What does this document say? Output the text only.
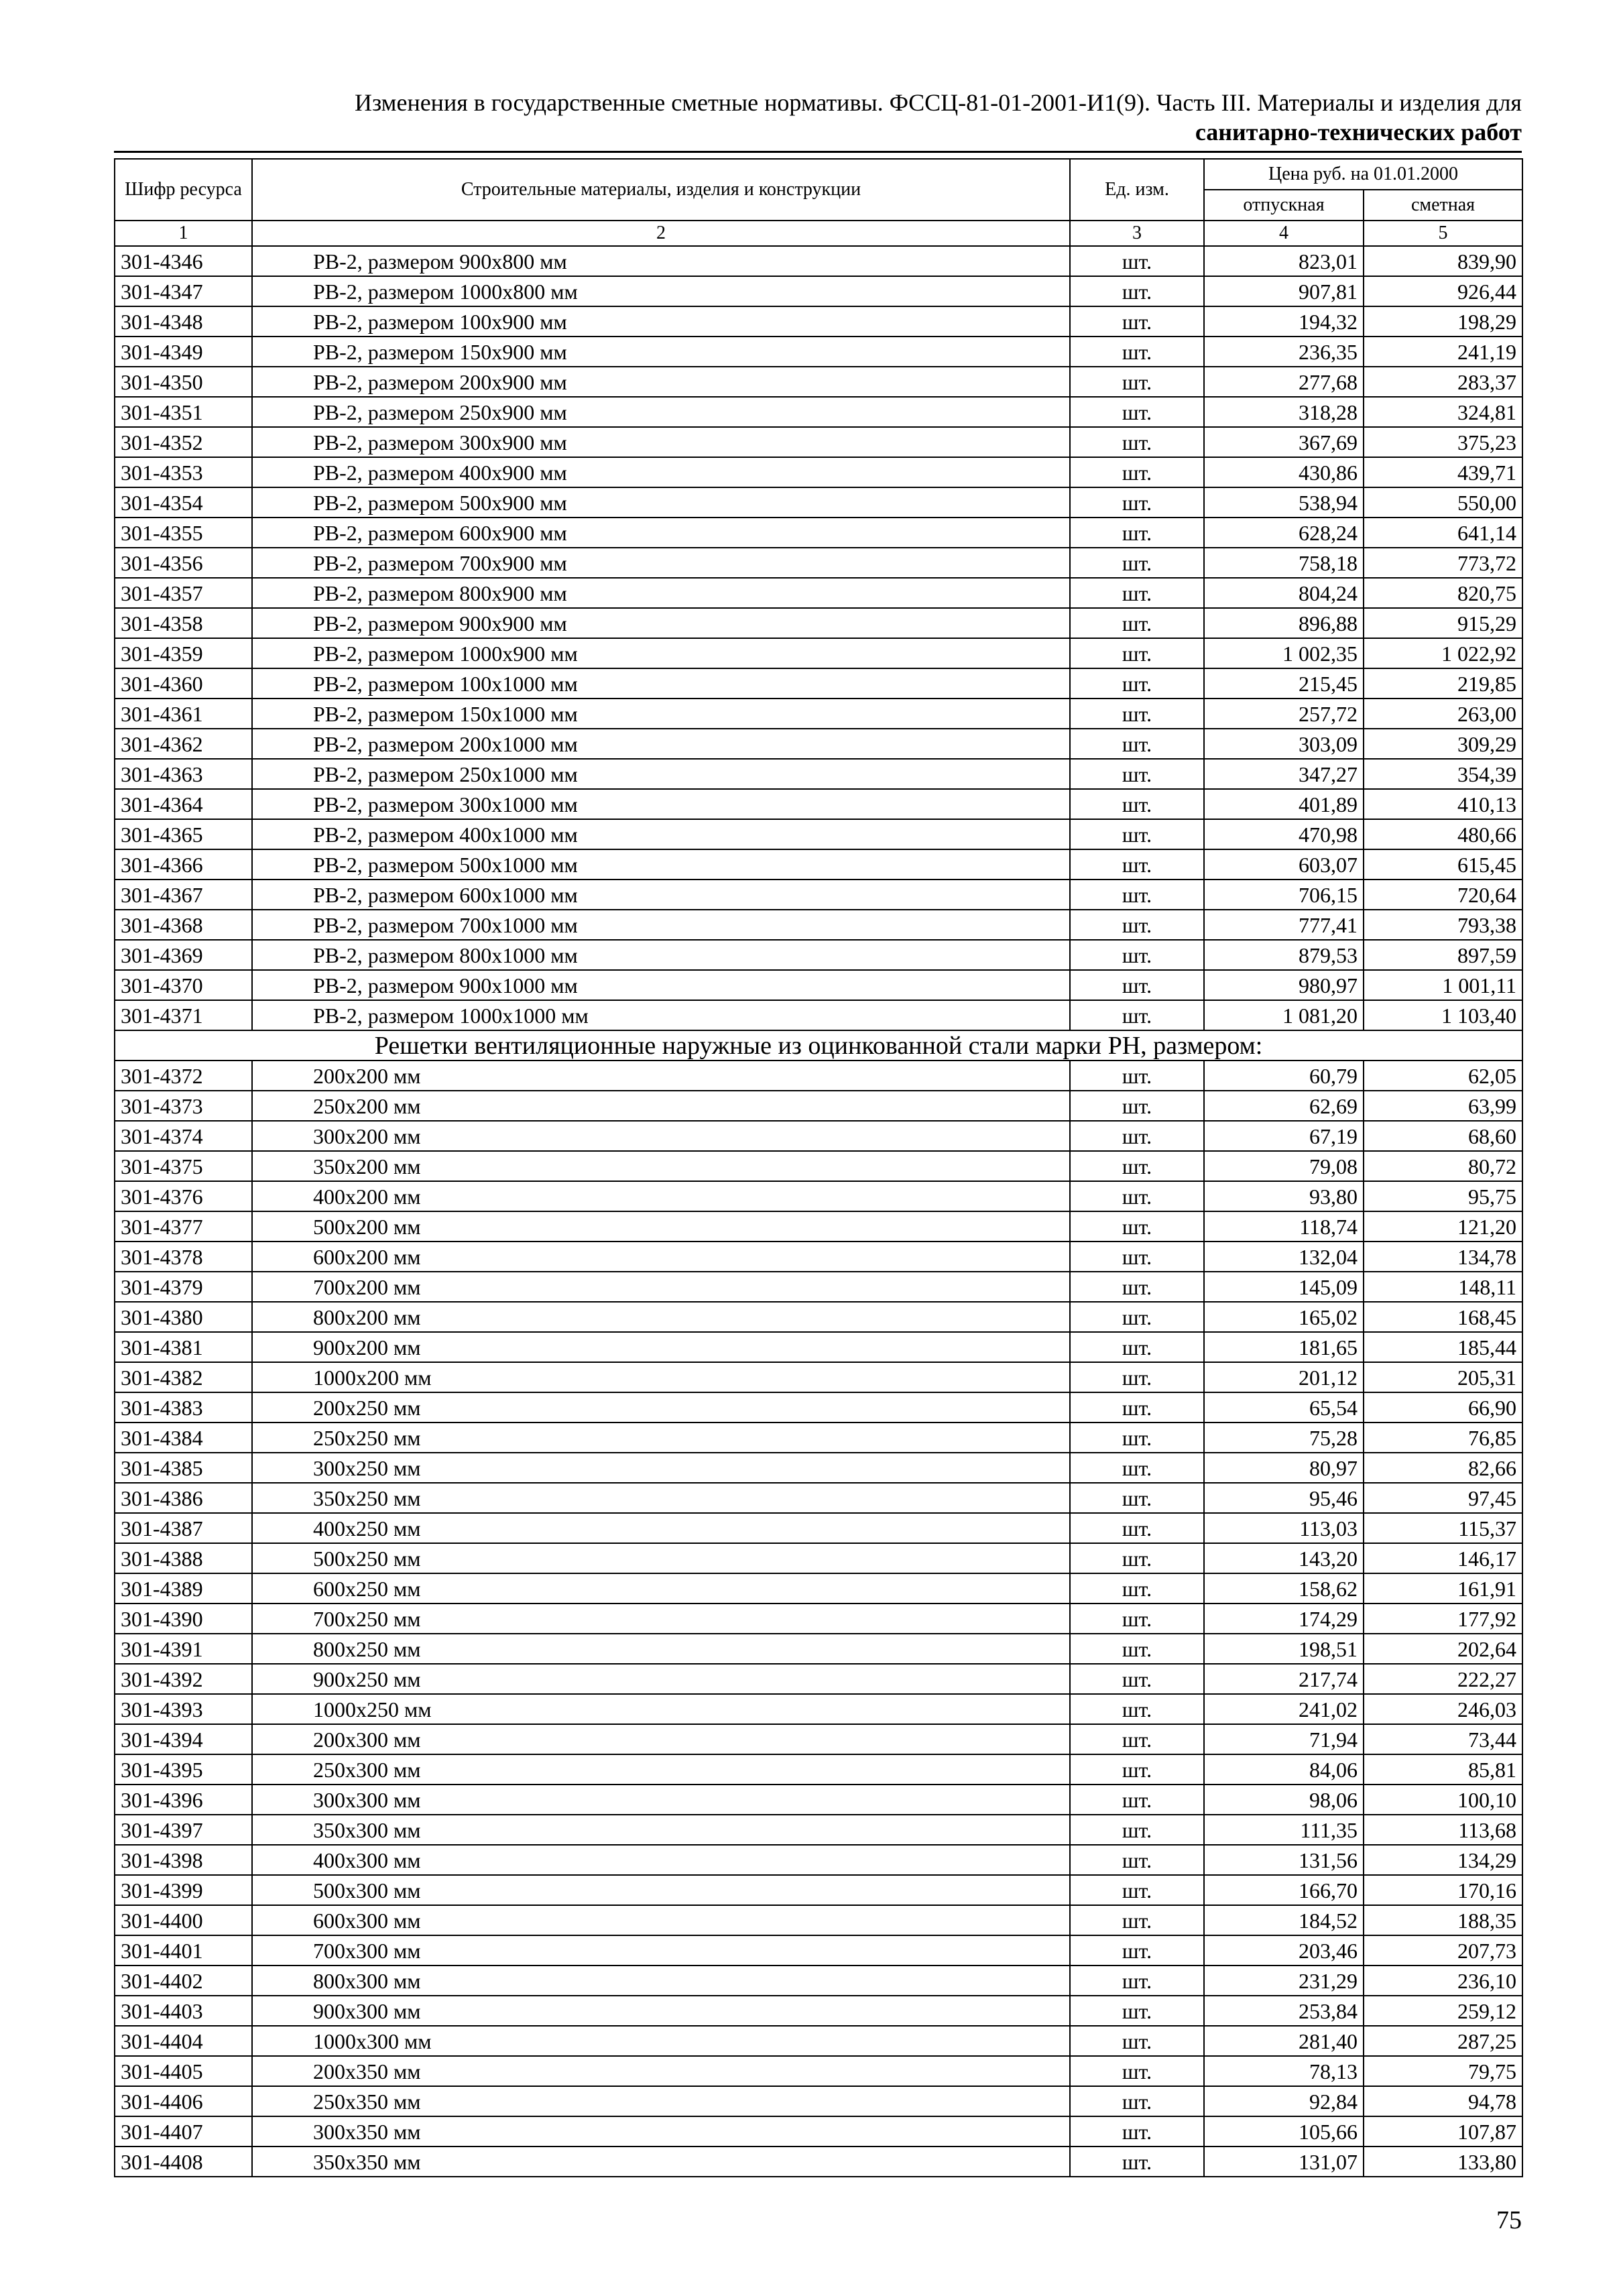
Изменения в государственные сметные нормативы. ФССЦ-81-01-2001-И1(9). Часть III. Материалы и изделия для
санитарно-технических работ
Шифр ресурса	Строительные материалы, изделия и конструкции	Ед. изм.	Цена руб. на 01.01.2000	
			отпускная	сметная
1	2	3	4	5
301-4346	РВ-2, размером 900х800 мм	шт.	823,01	839,90
301-4347	РВ-2, размером 1000х800 мм	шт.	907,81	926,44
301-4348	РВ-2, размером 100х900 мм	шт.	194,32	198,29
301-4349	РВ-2, размером 150х900 мм	шт.	236,35	241,19
301-4350	РВ-2, размером 200х900 мм	шт.	277,68	283,37
301-4351	РВ-2, размером 250х900 мм	шт.	318,28	324,81
301-4352	РВ-2, размером 300х900 мм	шт.	367,69	375,23
301-4353	РВ-2, размером 400х900 мм	шт.	430,86	439,71
301-4354	РВ-2, размером 500х900 мм	шт.	538,94	550,00
301-4355	РВ-2, размером 600х900 мм	шт.	628,24	641,14
301-4356	РВ-2, размером 700х900 мм	шт.	758,18	773,72
301-4357	РВ-2, размером 800х900 мм	шт.	804,24	820,75
301-4358	РВ-2, размером 900х900 мм	шт.	896,88	915,29
301-4359	РВ-2, размером 1000х900 мм	шт.	1 002,35	1 022,92
301-4360	РВ-2, размером 100х1000 мм	шт.	215,45	219,85
301-4361	РВ-2, размером 150х1000 мм	шт.	257,72	263,00
301-4362	РВ-2, размером 200х1000 мм	шт.	303,09	309,29
301-4363	РВ-2, размером 250х1000 мм	шт.	347,27	354,39
301-4364	РВ-2, размером 300х1000 мм	шт.	401,89	410,13
301-4365	РВ-2, размером 400х1000 мм	шт.	470,98	480,66
301-4366	РВ-2, размером 500х1000 мм	шт.	603,07	615,45
301-4367	РВ-2, размером 600х1000 мм	шт.	706,15	720,64
301-4368	РВ-2, размером 700х1000 мм	шт.	777,41	793,38
301-4369	РВ-2, размером 800х1000 мм	шт.	879,53	897,59
301-4370	РВ-2, размером 900х1000 мм	шт.	980,97	1 001,11
301-4371	РВ-2, размером 1000х1000 мм	шт.	1 081,20	1 103,40
Решетки вентиляционные наружные из оцинкованной стали марки РН, размером:				
301-4372	200х200 мм	шт.	60,79	62,05
301-4373	250х200 мм	шт.	62,69	63,99
301-4374	300х200 мм	шт.	67,19	68,60
301-4375	350х200 мм	шт.	79,08	80,72
301-4376	400х200 мм	шт.	93,80	95,75
301-4377	500х200 мм	шт.	118,74	121,20
301-4378	600х200 мм	шт.	132,04	134,78
301-4379	700х200 мм	шт.	145,09	148,11
301-4380	800х200 мм	шт.	165,02	168,45
301-4381	900х200 мм	шт.	181,65	185,44
301-4382	1000х200 мм	шт.	201,12	205,31
301-4383	200х250 мм	шт.	65,54	66,90
301-4384	250х250 мм	шт.	75,28	76,85
301-4385	300х250 мм	шт.	80,97	82,66
301-4386	350х250 мм	шт.	95,46	97,45
301-4387	400х250 мм	шт.	113,03	115,37
301-4388	500х250 мм	шт.	143,20	146,17
301-4389	600х250 мм	шт.	158,62	161,91
301-4390	700х250 мм	шт.	174,29	177,92
301-4391	800х250 мм	шт.	198,51	202,64
301-4392	900х250 мм	шт.	217,74	222,27
301-4393	1000х250 мм	шт.	241,02	246,03
301-4394	200х300 мм	шт.	71,94	73,44
301-4395	250х300 мм	шт.	84,06	85,81
301-4396	300х300 мм	шт.	98,06	100,10
301-4397	350х300 мм	шт.	111,35	113,68
301-4398	400х300 мм	шт.	131,56	134,29
301-4399	500х300 мм	шт.	166,70	170,16
301-4400	600х300 мм	шт.	184,52	188,35
301-4401	700х300 мм	шт.	203,46	207,73
301-4402	800х300 мм	шт.	231,29	236,10
301-4403	900х300 мм	шт.	253,84	259,12
301-4404	1000х300 мм	шт.	281,40	287,25
301-4405	200х350 мм	шт.	78,13	79,75
301-4406	250х350 мм	шт.	92,84	94,78
301-4407	300х350 мм	шт.	105,66	107,87
301-4408	350х350 мм	шт.	131,07	133,80
75
